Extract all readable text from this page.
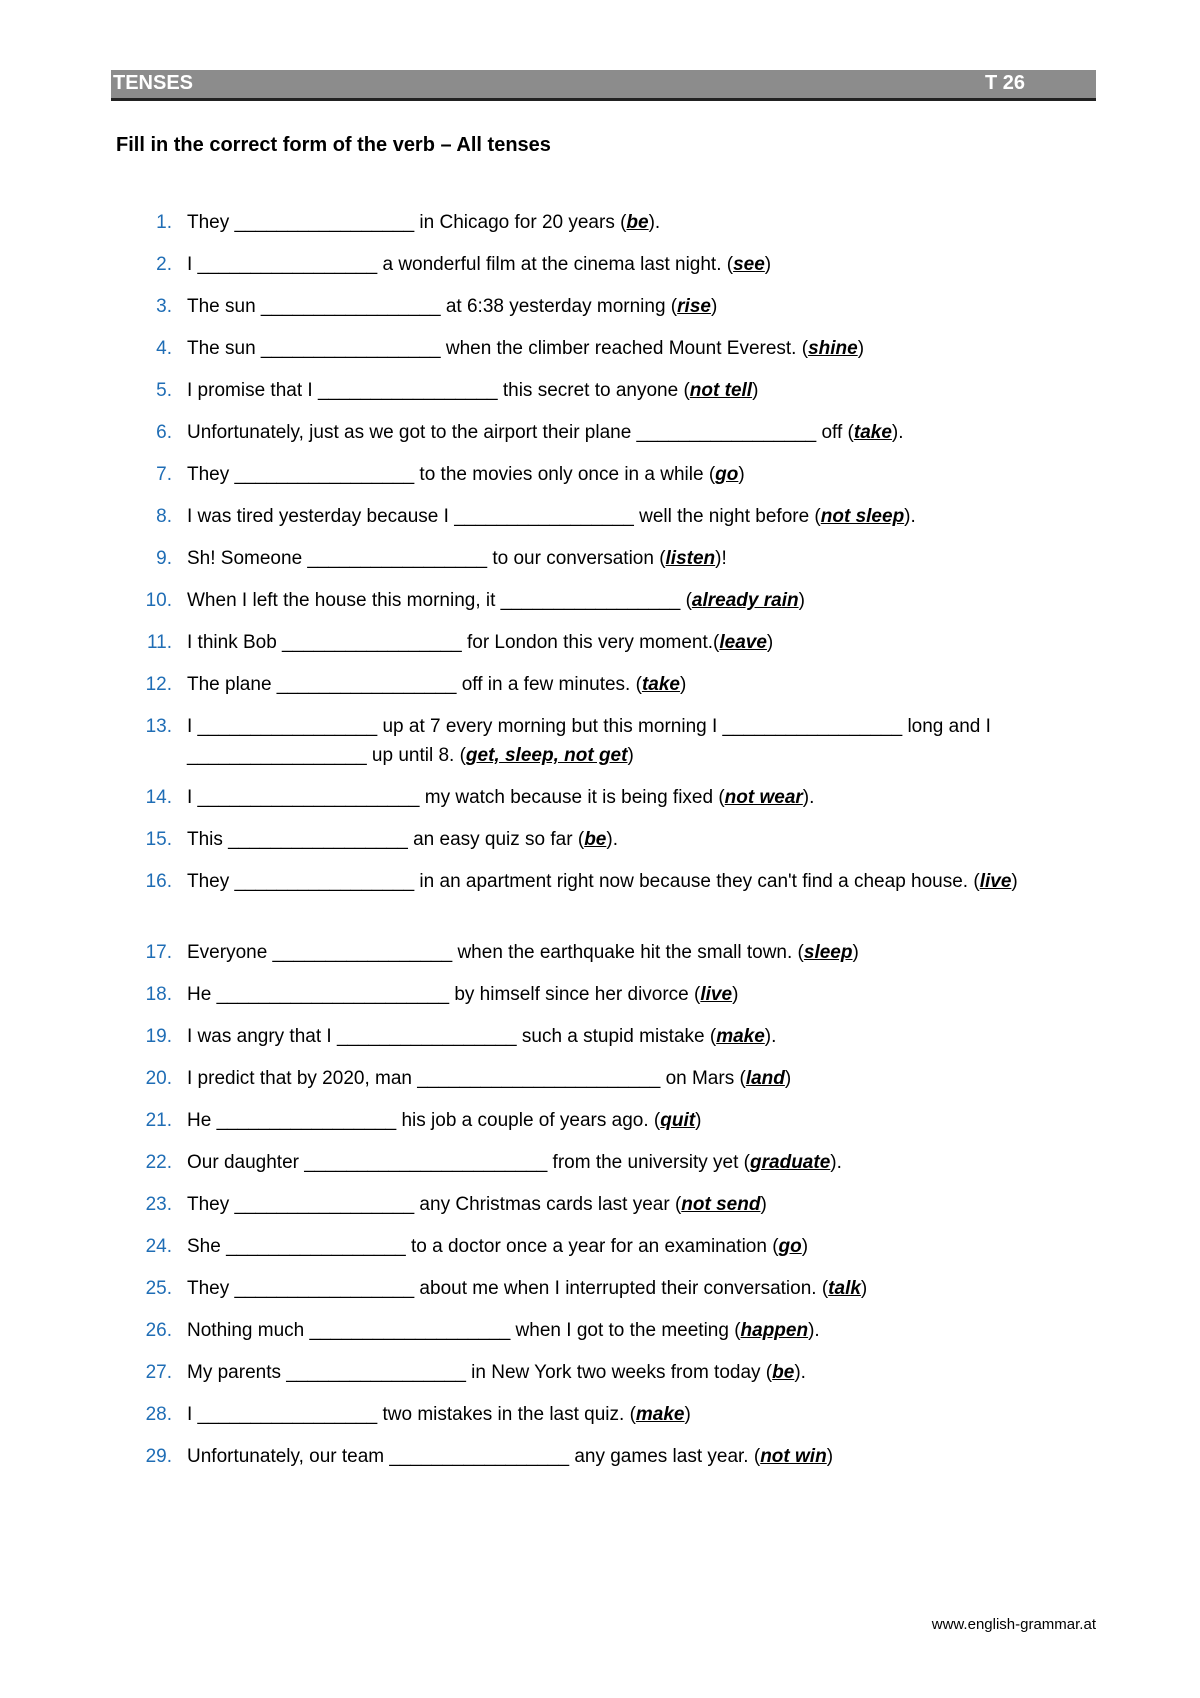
TENSES	T 26
Fill in the correct form of the verb – All tenses
1. They _________________ in Chicago for 20 years (be).
2. I _________________ a wonderful film at the cinema last night. (see)
3. The sun _________________ at 6:38 yesterday morning (rise)
4. The sun _________________ when the climber reached Mount Everest. (shine)
5. I promise that I _________________ this secret to anyone (not tell)
6. Unfortunately, just as we got to the airport their plane _________________ off (take).
7. They _________________ to the movies only once in a while (go)
8. I was tired yesterday because I _________________ well the night before (not sleep).
9. Sh! Someone _________________ to our conversation (listen)!
10. When I left the house this morning, it _________________ (already rain)
11. I think Bob _________________ for London this very moment.(leave)
12. The plane _________________ off in a few minutes. (take)
13. I _________________ up at 7 every morning but this morning I _________________ long and I _________________ up until 8. (get, sleep, not get)
14. I _____________________ my watch because it is being fixed (not wear).
15. This _________________ an easy quiz so far (be).
16. They _________________ in an apartment right now because they can't find a cheap house. (live)
17. Everyone _________________ when the earthquake hit the small town. (sleep)
18. He ______________________ by himself since her divorce (live)
19. I was angry that I _________________ such a stupid mistake (make).
20. I predict that by 2020, man _______________________ on Mars (land)
21. He _________________ his job a couple of years ago. (quit)
22. Our daughter _______________________ from the university yet (graduate).
23. They _________________ any Christmas cards last year (not send)
24. She _________________ to a doctor once a year for an examination (go)
25. They _________________ about me when I interrupted their conversation. (talk)
26. Nothing much ___________________ when I got to the meeting (happen).
27. My parents _________________ in New York two weeks from today (be).
28. I _________________ two mistakes in the last quiz. (make)
29. Unfortunately, our team _________________ any games last year. (not win)
www.english-grammar.at
